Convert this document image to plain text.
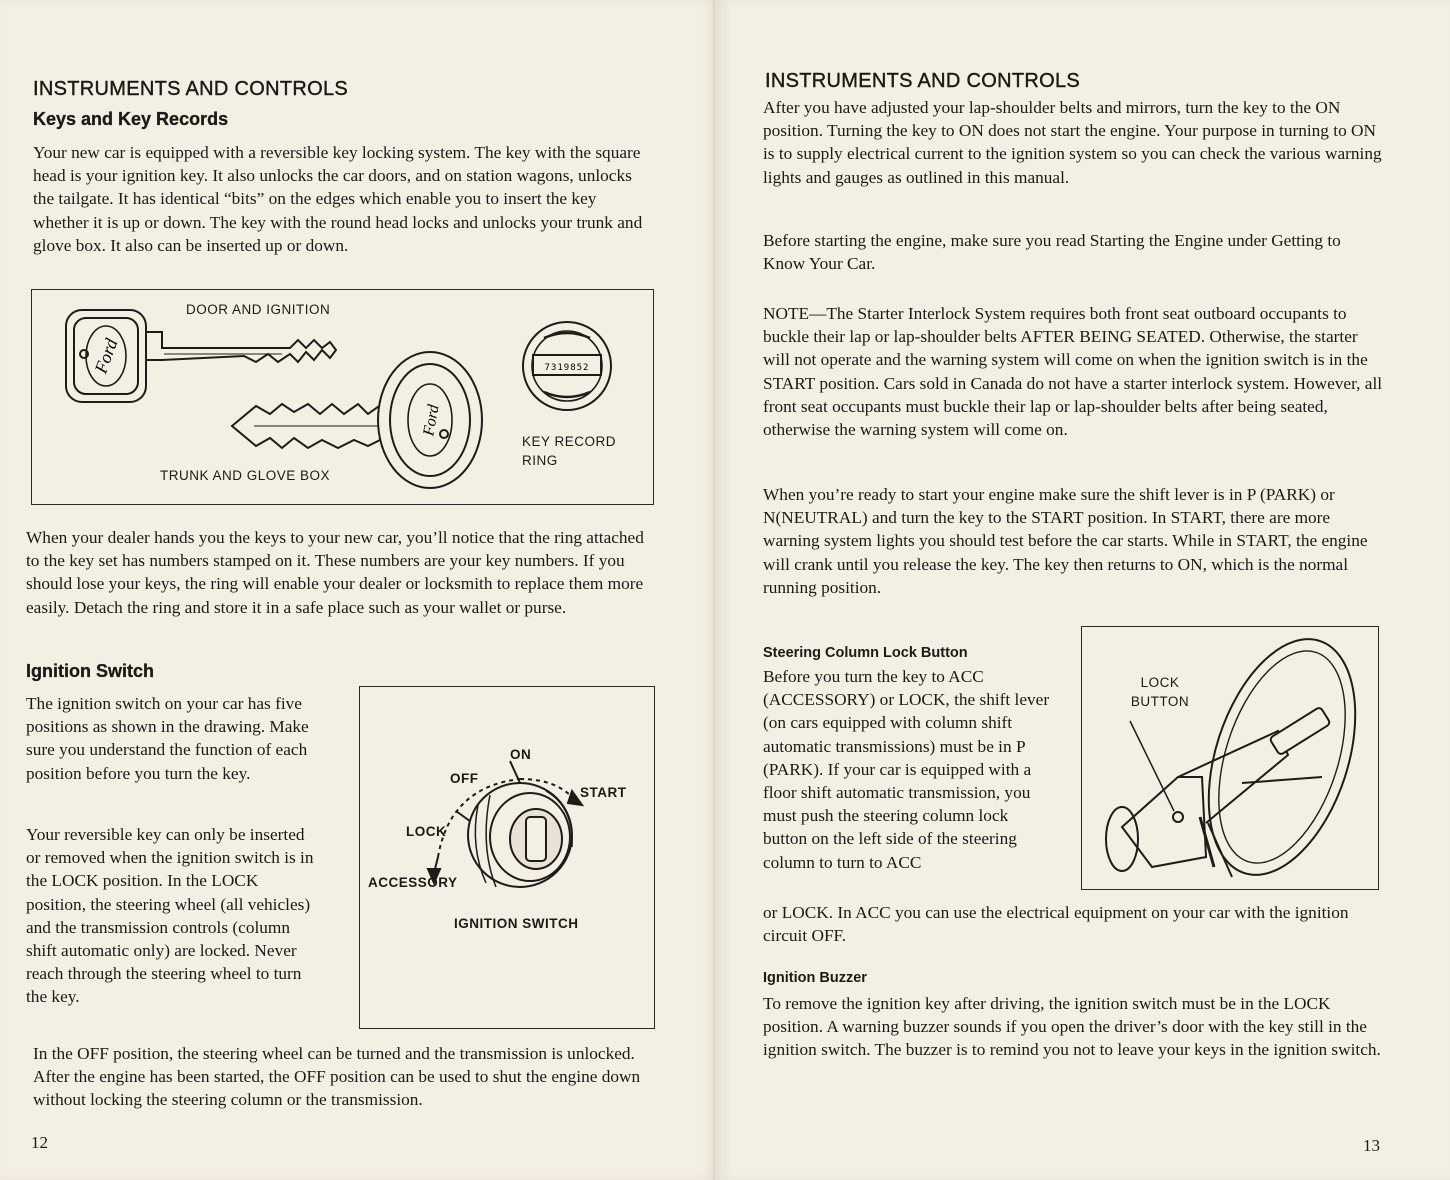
INSTRUMENTS AND CONTROLS
Keys and Key Records

Your new car is equipped with a reversible key locking system. The key with the square head is your ignition key. It also unlocks the car doors, and on station wagons, unlocks the tailgate. It has identical “bits” on the edges which enable you to insert the key whether it is up or down. The key with the round head locks and unlocks your trunk and glove box. It also can be inserted up or down.

Ford
Ford
7319852

DOOR AND IGNITION

TRUNK AND GLOVE BOX

KEY RECORD RING

When your dealer hands you the keys to your new car, you’ll notice that the ring attached to the key set has numbers stamped on it. These numbers are your key numbers. If you should lose your keys, the ring will enable your dealer or locksmith to replace them more easily. Detach the ring and store it in a safe place such as your wallet or purse.

Ignition Switch

The ignition switch on your car has five positions as shown in the drawing. Make sure you understand the function of each position before you turn the key.

Your reversible key can only be inserted or removed when the ignition switch is in the LOCK position. In the LOCK position, the steering wheel (all vehicles) and the transmission controls (column shift automatic only) are locked. Never reach through the steering wheel to turn the key.

ON

OFF

START

LOCK

ACCESSORY

IGNITION SWITCH

In the OFF position, the steering wheel can be turned and the transmission is unlocked. After the engine has been started, the OFF position can be used to shut the engine down without locking the steering column or the transmission.

12

INSTRUMENTS AND CONTROLS

After you have adjusted your lap-shoulder belts and mirrors, turn the key to the ON position. Turning the key to ON does not start the engine. Your purpose in turning to ON is to supply electrical current to the ignition system so you can check the various warning lights and gauges as outlined in this manual.

Before starting the engine, make sure you read Starting the Engine under Getting to Know Your Car.

NOTE—The Starter Interlock System requires both front seat outboard occupants to buckle their lap or lap-shoulder belts AFTER BEING SEATED. Otherwise, the starter will not operate and the warning system will come on when the ignition switch is in the START position. Cars sold in Canada do not have a starter interlock system. However, all front seat occupants must buckle their lap or lap-shoulder belts after being seated, otherwise the warning system will come on.

When you’re ready to start your engine make sure the shift lever is in P (PARK) or N(NEUTRAL) and turn the key to the START position. In START, there are more warning system lights you should test before the car starts. While in START, the engine will crank until you release the key. The key then returns to ON, which is the normal running position.

Steering Column Lock Button

Before you turn the key to ACC (ACCESSORY) or LOCK, the shift lever (on cars equipped with column shift automatic transmissions) must be in P (PARK). If your car is equipped with a floor shift automatic transmission, you must push the steering column lock button on the left side of the steering column to turn to ACC

LOCK BUTTON

or LOCK. In ACC you can use the electrical equipment on your car with the ignition circuit OFF.

Ignition Buzzer

To remove the ignition key after driving, the ignition switch must be in the LOCK position. A warning buzzer sounds if you open the driver’s door with the key still in the ignition switch. The buzzer is to remind you not to leave your keys in the ignition switch.

13
